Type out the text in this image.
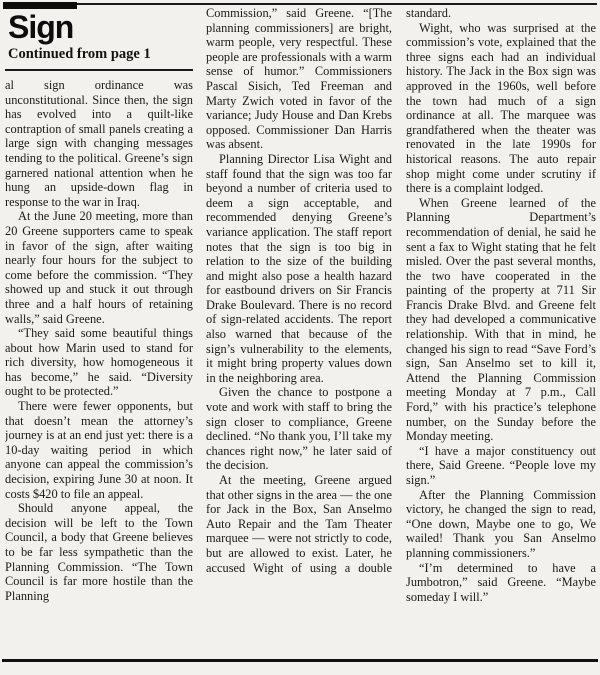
Sign
Continued from page 1

al sign ordinance was unconstitutional. Since then, the sign has evolved into a quilt-like contraption of small panels creating a large sign with changing messages tending to the political. Greene’s sign garnered national attention when he hung an upside-down flag in response to the war in Iraq.

At the June 20 meeting, more than 20 Greene supporters came to speak in favor of the sign, after waiting nearly four hours for the subject to come before the commission. “They showed up and stuck it out through three and a half hours of retaining walls,” said Greene.

“They said some beautiful things about how Marin used to stand for rich diversity, how homogeneous it has become,” he said. “Diversity ought to be protected.”

There were fewer opponents, but that doesn’t mean the attorney’s journey is at an end just yet: there is a 10-day waiting period in which anyone can appeal the commission’s decision, expiring June 30 at noon. It costs $420 to file an appeal.

Should anyone appeal, the decision will be left to the Town Council, a body that Greene believes to be far less sympathetic than the Planning Commission. “The Town Council is far more hostile than the Planning

Commission,” said Greene. “[The planning commissioners] are bright, warm people, very respectful. These people are professionals with a warm sense of humor.” Commissioners Pascal Sisich, Ted Freeman and Marty Zwich voted in favor of the variance; Judy House and Dan Krebs opposed. Commissioner Dan Harris was absent.

Planning Director Lisa Wight and staff found that the sign was too far beyond a number of criteria used to deem a sign acceptable, and recommended denying Greene’s variance application. The staff report notes that the sign is too big in relation to the size of the building and might also pose a health hazard for eastbound drivers on Sir Francis Drake Boulevard. There is no record of sign-related accidents. The report also warned that because of the sign’s vulnerability to the elements, it might bring property values down in the neighboring area.

Given the chance to postpone a vote and work with staff to bring the sign closer to compliance, Greene declined. “No thank you, I’ll take my chances right now,” he later said of the decision.

At the meeting, Greene argued that other signs in the area — the one for Jack in the Box, San Anselmo Auto Repair and the Tam Theater marquee — were not strictly to code, but are allowed to exist. Later, he accused Wight of using a double

standard.

Wight, who was surprised at the commission’s vote, explained that the three signs each had an individual history. The Jack in the Box sign was approved in the 1960s, well before the town had much of a sign ordinance at all. The marquee was grandfathered when the theater was renovated in the late 1990s for historical reasons. The auto repair shop might come under scrutiny if there is a complaint lodged.

When Greene learned of the Planning Department’s recommendation of denial, he said he sent a fax to Wight stating that he felt misled. Over the past several months, the two have cooperated in the painting of the property at 711 Sir Francis Drake Blvd. and Greene felt they had developed a communicative relationship. With that in mind, he changed his sign to read “Save Ford’s sign, San Anselmo set to kill it, Attend the Planning Commission meeting Monday at 7 p.m., Call Ford,” with his practice’s telephone number, on the Sunday before the Monday meeting.

“I have a major constituency out there, Said Greene. “People love my sign.”

After the Planning Commission victory, he changed the sign to read, “One down, Maybe one to go, We wailed! Thank you San Anselmo planning commissioners.”

“I’m determined to have a Jumbotron,” said Greene. “Maybe someday I will.”
